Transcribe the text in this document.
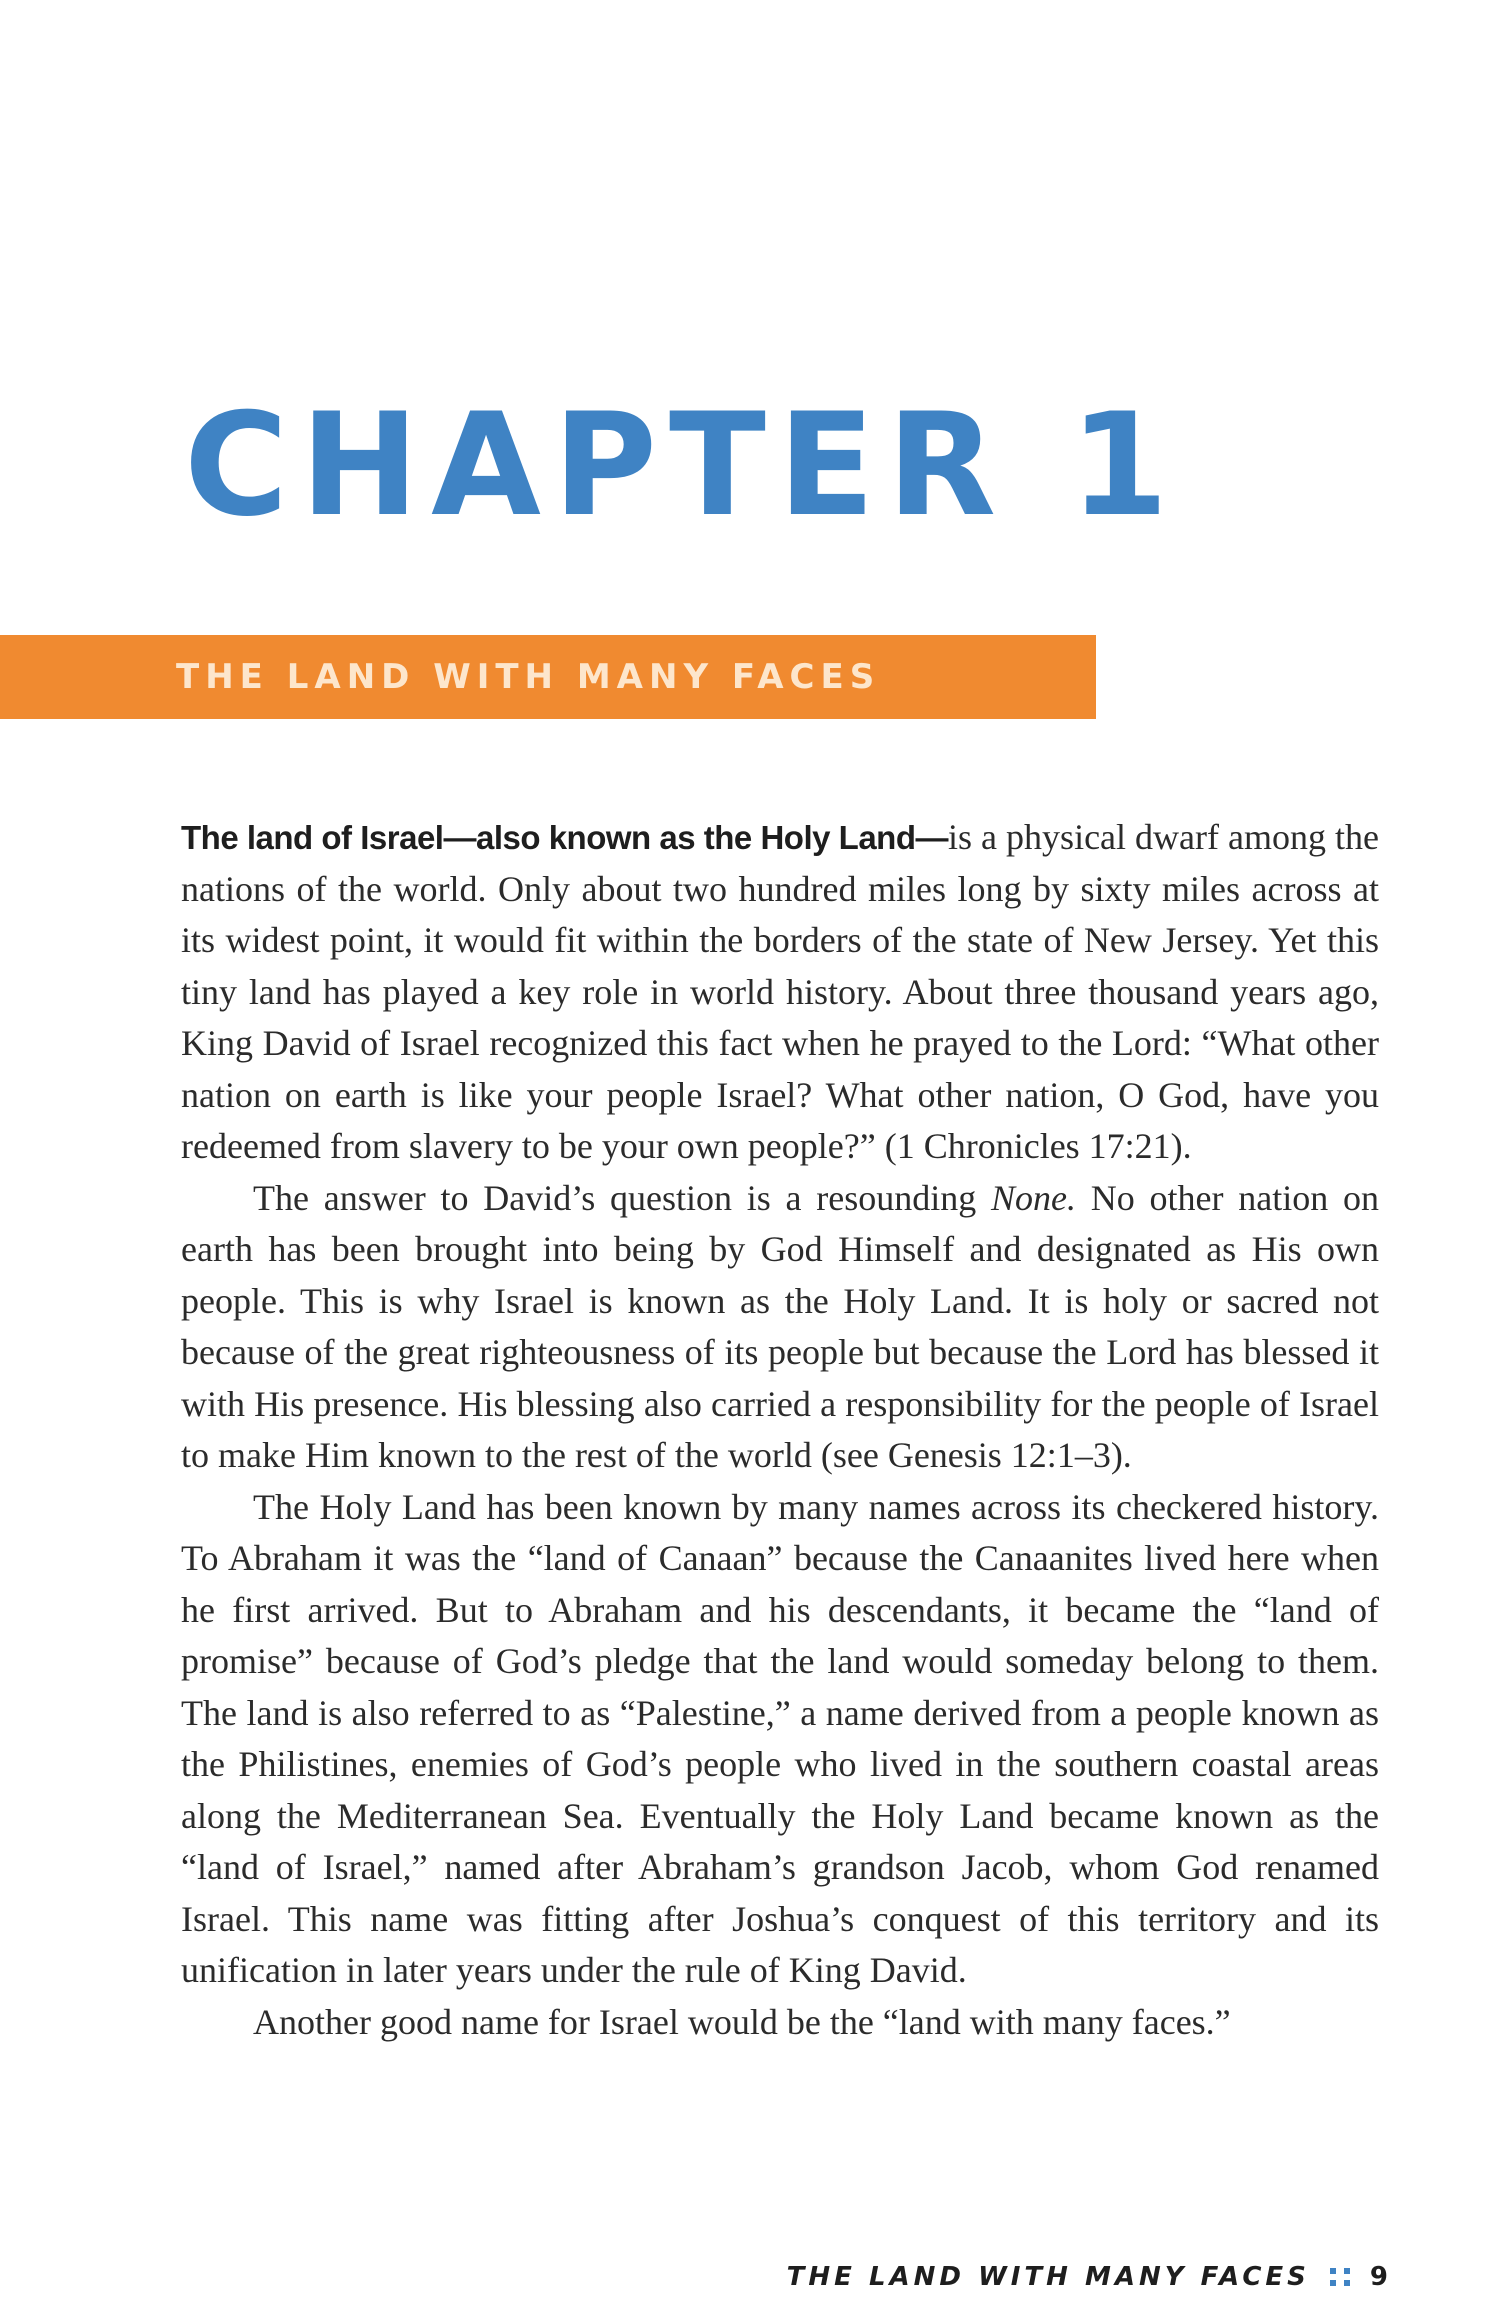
CHAPTER 1
THE LAND WITH MANY FACES

The land of Israel—also known as the Holy Land—is a physical dwarf among the nations of the world. Only about two hundred miles long by sixty miles across at its widest point, it would fit within the borders of the state of New Jersey. Yet this tiny land has played a key role in world history. About three thousand years ago, King David of Israel recognized this fact when he prayed to the Lord: “What other nation on earth is like your people Israel? What other nation, O God, have you redeemed from slavery to be your own people?” (1 Chronicles 17:21).

The answer to David’s question is a resounding None. No other nation on earth has been brought into being by God Himself and designated as His own people. This is why Israel is known as the Holy Land. It is holy or sacred not because of the great righteousness of its people but because the Lord has blessed it with His presence. His blessing also carried a responsibility for the people of Israel to make Him known to the rest of the world (see Genesis 12:1–3).

The Holy Land has been known by many names across its checkered history. To Abraham it was the “land of Canaan” because the Canaanites lived here when he first arrived. But to Abraham and his descendants, it became the “land of promise” because of God’s pledge that the land would someday belong to them. The land is also referred to as “Palestine,” a name derived from a people known as the Philistines, enemies of God’s people who lived in the southern coastal areas along the Mediterranean Sea. Eventually the Holy Land became known as the “land of Israel,” named after Abraham’s grandson Jacob, whom God renamed Israel. This name was fitting after Joshua’s conquest of this territory and its unification in later years under the rule of King David.

Another good name for Israel would be the “land with many faces.”

THE LAND WITH MANY FACES 9
